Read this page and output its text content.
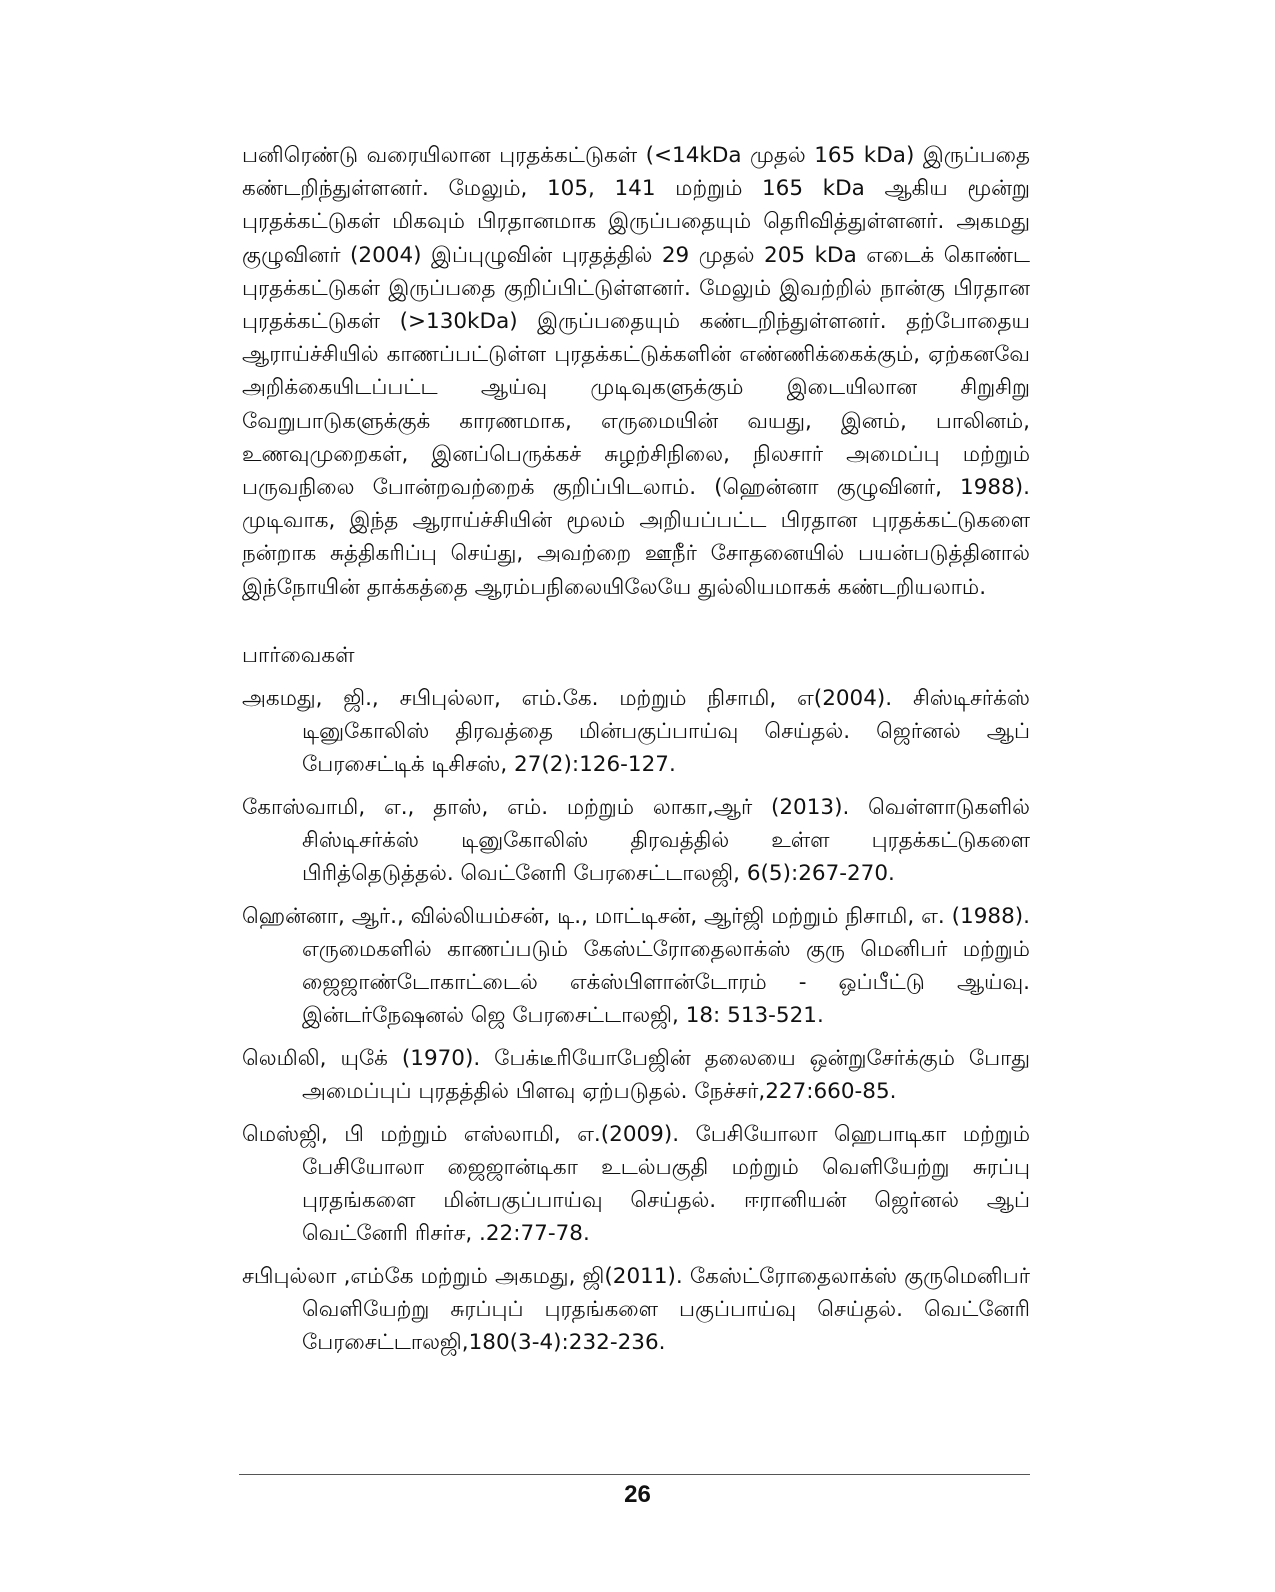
பனிரெண்டு வரையிலான புரதக்கட்டுகள் (<14kDa முதல் 165 kDa) இருப்பதை கண்டறிந்துள்ளனர். மேலும், 105, 141 மற்றும் 165 kDa ஆகிய மூன்று புரதக்கட்டுகள் மிகவும் பிரதானமாக இருப்பதையும் தெரிவித்துள்ளனர். அகமது குழுவினர் (2004) இப்புழுவின் புரதத்தில் 29 முதல் 205 kDa எடைக் கொண்ட புரதக்கட்டுகள் இருப்பதை குறிப்பிட்டுள்ளனர். மேலும் இவற்றில் நான்கு பிரதான புரதக்கட்டுகள் (>130kDa) இருப்பதையும் கண்டறிந்துள்ளனர். தற்போதைய ஆராய்ச்சியில் காணப்பட்டுள்ள புரதக்கட்டுக்களின் எண்ணிக்கைக்கும், ஏற்கனவே அறிக்கையிடப்பட்ட ஆய்வு முடிவுகளுக்கும் இடையிலான சிறுசிறு வேறுபாடுகளுக்குக் காரணமாக, எருமையின் வயது, இனம், பாலினம், உணவுமுறைகள், இனப்பெருக்கச் சுழற்சிநிலை, நிலசார் அமைப்பு மற்றும் பருவநிலை போன்றவற்றைக் குறிப்பிடலாம். (ஹென்னா குழுவினர், 1988). முடிவாக, இந்த ஆராய்ச்சியின் மூலம் அறியப்பட்ட பிரதான புரதக்கட்டுகளை நன்றாக சுத்திகரிப்பு செய்து, அவற்றை ஊநீர் சோதனையில் பயன்படுத்தினால் இந்நோயின் தாக்கத்தை ஆரம்பநிலையிலேயே துல்லியமாகக் கண்டறியலாம்.

பார்வைகள்

அகமது, ஜி., சபிபுல்லா, எம்.கே. மற்றும் நிசாமி, எ(2004). சிஸ்டிசர்க்ஸ் டினுகோலிஸ் திரவத்தை மின்பகுப்பாய்வு செய்தல். ஜெர்னல் ஆப் பேரசைட்டிக் டிசிசஸ், 27(2):126-127.

கோஸ்வாமி, எ., தாஸ், எம். மற்றும் லாகா,ஆர் (2013). வெள்ளாடுகளில் சிஸ்டிசர்க்ஸ் டினுகோலிஸ் திரவத்தில் உள்ள புரதக்கட்டுகளை பிரித்தெடுத்தல். வெட்னேரி பேரசைட்டாலஜி, 6(5):267-270.

ஹென்னா, ஆர்., வில்லியம்சன், டி., மாட்டிசன், ஆர்ஜி மற்றும் நிசாமி, எ. (1988). எருமைகளில் காணப்படும் கேஸ்ட்ரோதைலாக்ஸ் குரு மெனிபர் மற்றும் ஜைஜாண்டோகாட்டைல் எக்ஸ்பிளான்டோரம் - ஒப்பீட்டு ஆய்வு. இன்டர்நேஷனல் ஜெ பேரசைட்டாலஜி, 18: 513-521.

லெமிலி, யுகே் (1970). பேக்டீரியோபேஜின் தலையை ஒன்றுசேர்க்கும் போது அமைப்புப் புரதத்தில் பிளவு ஏற்படுதல். நேச்சர்,227:660-85.

மெஸ்ஜி, பி மற்றும் எஸ்லாமி, எ.(2009). பேசியோலா ஹெபாடிகா மற்றும் பேசியோலா ஜைஜான்டிகா உடல்பகுதி மற்றும் வெளியேற்று சுரப்பு புரதங்களை மின்பகுப்பாய்வு செய்தல். ஈரானியன் ஜெர்னல் ஆப் வெட்னேரி ரிசர்ச, .22:77-78.

சபிபுல்லா ,எம்கே மற்றும் அகமது, ஜி(2011). கேஸ்ட்ரோதைலாக்ஸ் குருமெனிபர் வெளியேற்று சுரப்புப் புரதங்களை பகுப்பாய்வு செய்தல். வெட்னேரி பேரசைட்டாலஜி,180(3-4):232-236.

26
